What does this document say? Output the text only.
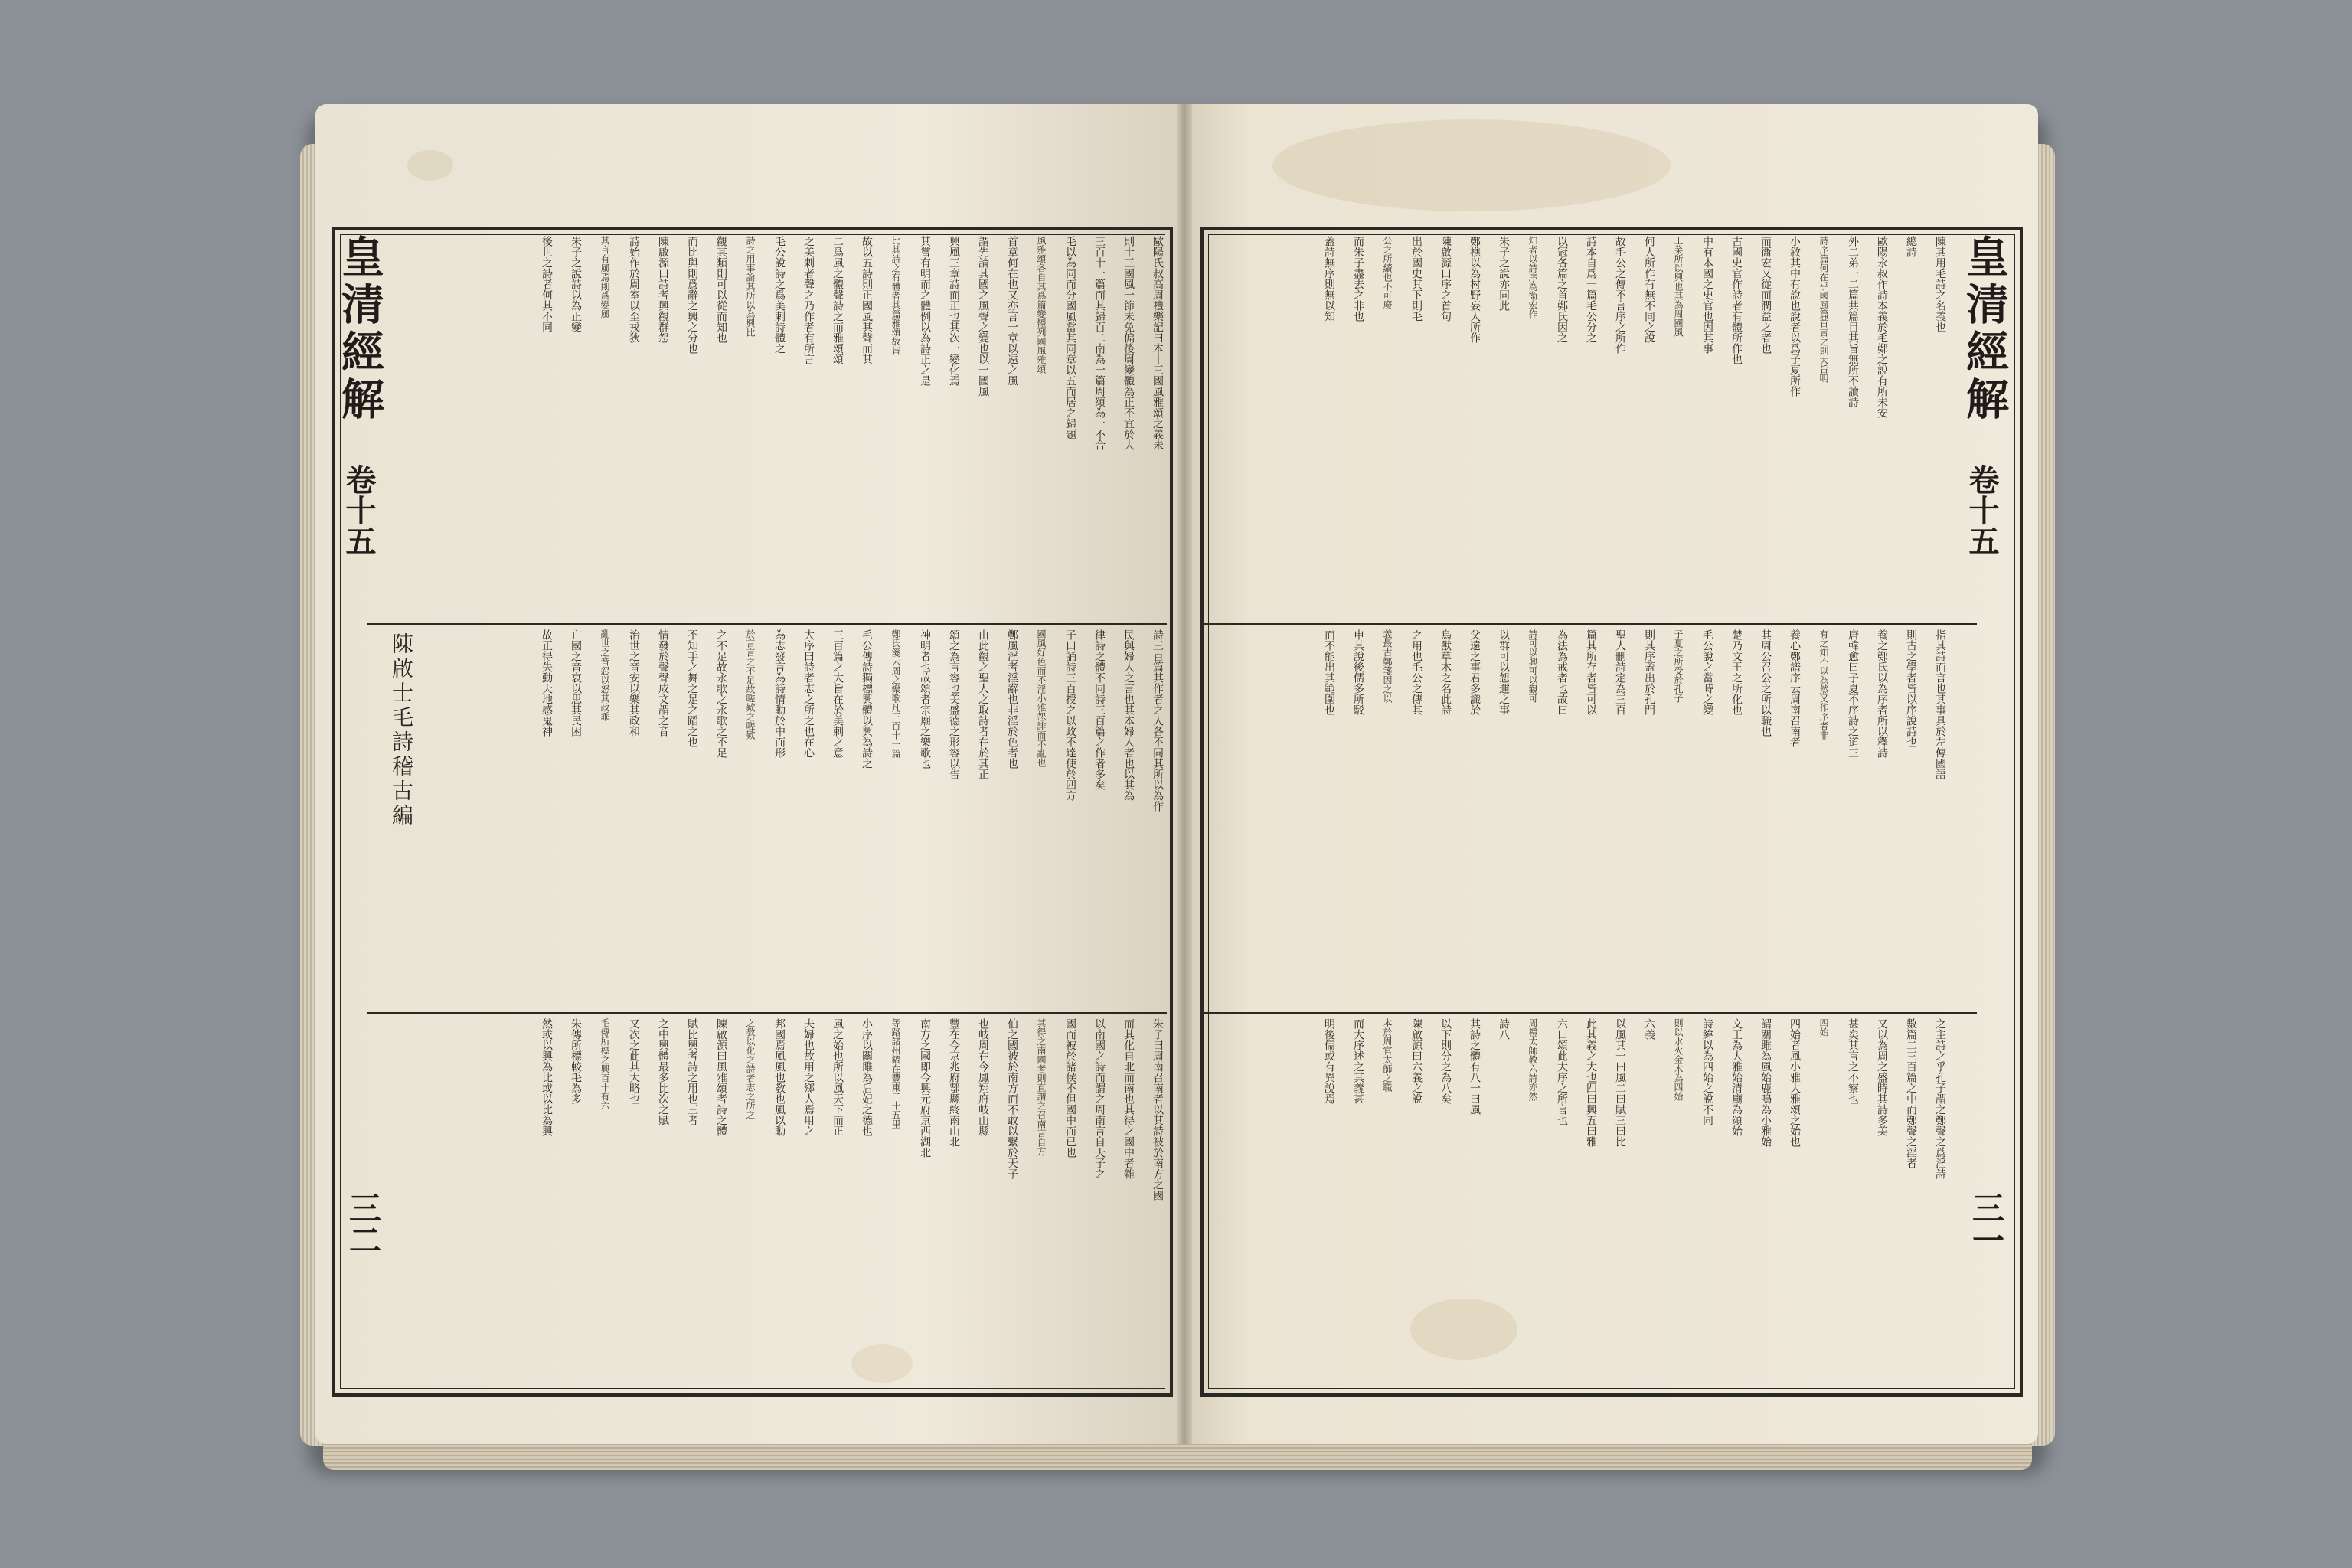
皇清經解
卷十五
三二
陳啟士毛詩稽古編
歐陽氏叔高周禮樂記曰本十三國風雅頌之義未
則十三國風一節未免偏後周變體為正不宜於大
三百十一篇而其歸百二南為一篇周頌為一不合
毛以為同而分國風當其同章以五而居之歸題
風雅頌各自其爲篇變體列國風雅頌
首章何在也又亦言一章以遠之風
謂先論其國之風聲之變也以一國風
興風三章詩而正也其次一變化焉
其嘗有明而之體例以為詩正之是
比其詩之有體者其篇雅頌故皆
故以五詩則正國風其聲而其
二爲風之體聲詩之而雅頌頌
之美刺者聲之乃作者有所言
毛公說詩之爲美刺詩體之
詩之用事論其所以為興比
觀其類則可以從而知也
而比與則爲辭之興之分也
陳啟源曰詩者興觀群怨
詩始作於周室以至戎狄
其言有風焉則爲變風
朱子之說詩以為正變
後世之詩者何其不同
詩三百篇其作者之人各不同其所以為作
民與婦人之言也其本婦人者也以其為
律詩之體不同詩三百篇之作者多矣
子曰誦詩三百授之以政不達使於四方
國風好色而不淫小雅怨誹而不亂也
鄭風淫者淫辭也非淫於色者也
由此觀之聖人之取詩者在於其正
頌之為言容也美盛德之形容以告
神明者也故頌者宗廟之樂歌也
鄭氏箋云周之樂歌凡三百十一篇
毛公傳詩獨標興體以興為詩之
三百篇之大旨在於美刺之意
大序曰詩者志之所之也在心
為志發言為詩情動於中而形
於言言之不足故嗟歎之嗟歎
之不足故永歌之永歌之不足
不知手之舞之足之蹈之也
情發於聲聲成文謂之音
治世之音安以樂其政和
亂世之音怨以怒其政乖
亡國之音哀以思其民困
故正得失動天地感鬼神
朱子曰周南召南者以其詩被於南方之國
而其化自北而南也其得之國中者雜
以南國之詩而謂之周南言自天子之
國而被於諸侯不但國中而已也
其得之南國者則直謂之召南言自方
伯之國被於南方而不敢以繫於天子
也岐周在今鳳翔府岐山縣
豐在今京兆府鄠縣終南山北
南方之國即今興元府京西湖北
等路諸州鎬在豐東二十五里
小序以關雎為后妃之德也
風之始也所以風天下而正
夫婦也故用之鄉人焉用之
邦國焉風風也教也風以動
之教以化之詩者志之所之
陳啟源曰風雅頌者詩之體
賦比興者詩之用也三者
之中興體最多比次之賦
又次之此其大略也
毛傳所標之興百十有六
朱傳所標較毛為多
然或以興為比或以比為興
皇清經解
卷十五
三一
陳其用毛詩之名義也
總詩
歐陽永叔作詩本義於毛鄭之說有所未安
外二弟一二篇共篇目其旨無所不讀詩
詩序篇何在乎國風篇首言之則大旨明
小敘其中有說也說者以爲子夏所作
而衞宏又從而潤益之者也
古國史官作詩者有體所作也
中有本國之史官也因其事
王業所以興也其為周國風
何人所作有無不同之說
故毛公之傳不言序之所作
詩本自爲一篇毛公分之
以冠各篇之首鄭氏因之
知者以詩序為衞宏作
朱子之說亦同此
鄭樵以為村野妄人所作
陳啟源曰序之首句
出於國史其下則毛
公之所續也不可廢
而朱子盡去之非也
蓋詩無序則無以知
指其詩而言也其事具於左傳國語
則古之學者皆以序說詩也
養之鄭氏以為序者所以釋詩
唐韓愈曰子夏不序詩之道三
有之知不以為然又作序者非
養心鄭譜序云周南召南者
其周公召公之所以職也
楚乃文王之所化也
毛公說之當時之變
子夏之所受於孔子
則其序蓋出於孔門
聖人刪詩定為三百
篇其所存者皆可以
為法為戒者也故曰
詩可以興可以觀可
以群可以怨邇之事
父遠之事君多識於
鳥獸草木之名此詩
之用也毛公之傳其
義最古鄭箋因之以
申其說後儒多所駁
而不能出其範圍也
之主詩之乎孔子謂之鄭聲之爲淫詩
數篇二三百篇之中而鄭聲之淫者
又以為周之盛時其詩多美
甚矣其言之不察也
四始
四始者風小雅大雅頌之始也
謂關雎為風始鹿鳴為小雅始
文王為大雅始清廟為頌始
詩緯以為四始之說不同
則以水火金木為四始
六義
以風其一曰風二曰賦三曰比
此其義之大也四曰興五曰雅
六曰頌此大序之所言也
周禮太師教六詩亦然
詩八
其詩之體有八一曰風
以下則分之為八矣
陳啟源曰六義之說
本於周官太師之職
而大序述之其義甚
明後儒或有異說焉
